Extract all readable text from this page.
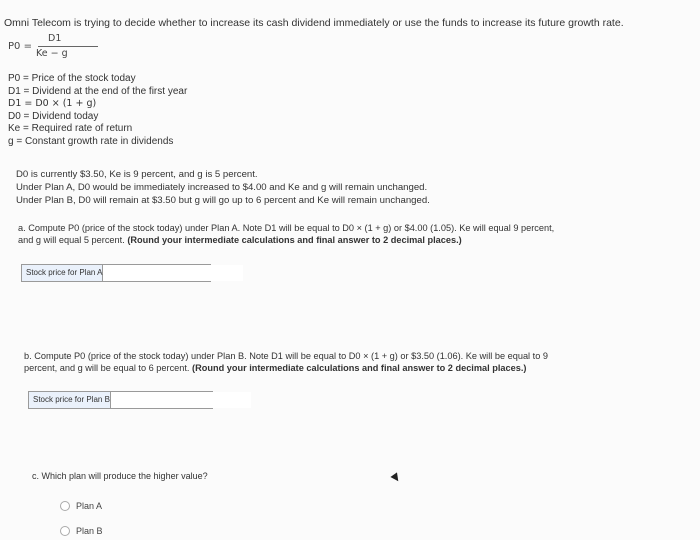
Omni Telecom is trying to decide whether to increase its cash dividend immediately or use the funds to increase its future growth rate.
P0 =
D1
Ke − g
P0 = Price of the stock today
D1 = Dividend at the end of the first year
D1 = D0 × (1 + g)
D0 = Dividend today
Ke = Required rate of return
g = Constant growth rate in dividends
D0 is currently $3.50, Ke is 9 percent, and g is 5 percent.
Under Plan A, D0 would be immediately increased to $4.00 and Ke and g will remain unchanged.
Under Plan B, D0 will remain at $3.50 but g will go up to 6 percent and Ke will remain unchanged.
a. Compute P0 (price of the stock today) under Plan A. Note D1 will be equal to D0 × (1 + g) or $4.00 (1.05). Ke will equal 9 percent,
and g will equal 5 percent. (Round your intermediate calculations and final answer to 2 decimal places.)
Stock price for Plan A
b. Compute P0 (price of the stock today) under Plan B. Note D1 will be equal to D0 × (1 + g) or $3.50 (1.06). Ke will be equal to 9
percent, and g will be equal to 6 percent. (Round your intermediate calculations and final answer to 2 decimal places.)
Stock price for Plan B
c. Which plan will produce the higher value?
Plan A
Plan B
